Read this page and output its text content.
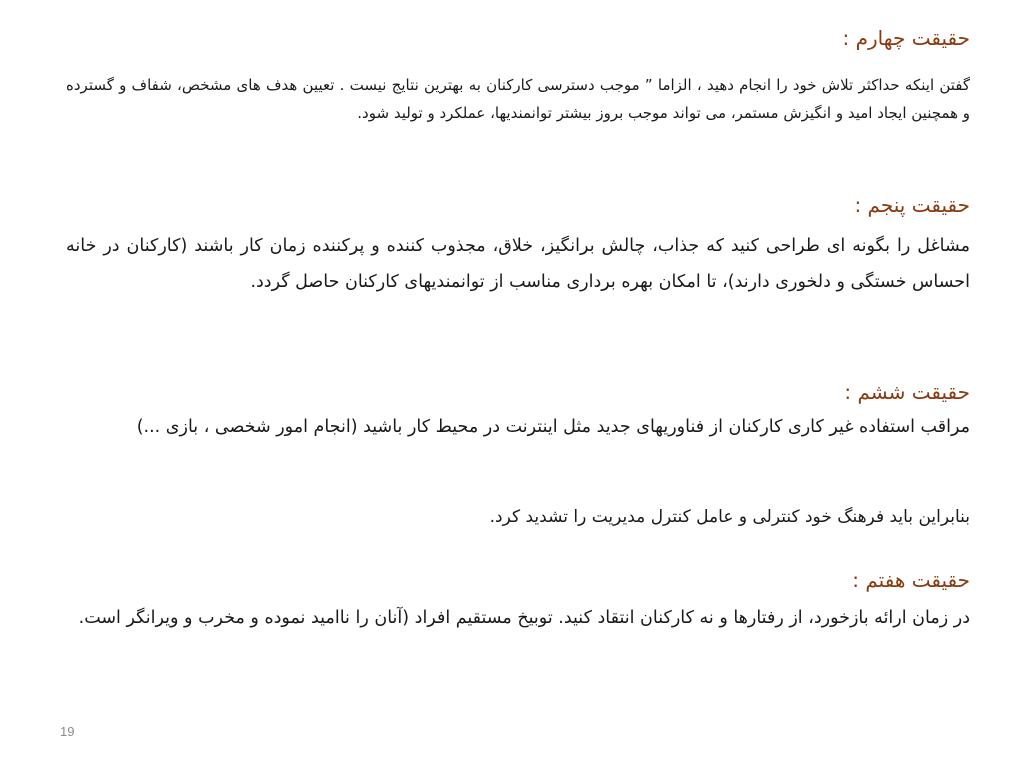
حقیقت چهارم :
گفتن اینکه حداکثر تلاش خود را انجام دهید ، الزاما ” موجب دسترسی کارکنان به بهترین نتایج نیست . تعیین هدف های مشخص، شفاف و گسترده و همچنین ایجاد امید و انگیزش مستمر، می تواند موجب بروز بیشتر توانمندیها، عملکرد و تولید شود.
حقیقت پنجم :
مشاغل را بگونه ای طراحی کنید که جذاب، چالش برانگیز، خلاق، مجذوب کننده و پرکننده زمان کار باشند (کارکنان در خانه احساس خستگی و دلخوری دارند)، تا امکان بهره برداری مناسب از توانمندیهای کارکنان حاصل گردد.
حقیقت ششم :
مراقب استفاده غیر کاری کارکنان از فناوریهای جدید مثل اینترنت در محیط کار باشید (انجام امور شخصی ، بازی ...)
بنابراین باید فرهنگ خود کنترلی و عامل کنترل مدیریت را تشدید کرد.
حقیقت هفتم :
در زمان ارائه بازخورد، از رفتارها و نه کارکنان انتقاد کنید. توبیخ مستقیم افراد (آنان را ناامید نموده و مخرب و ویرانگر است.
19
